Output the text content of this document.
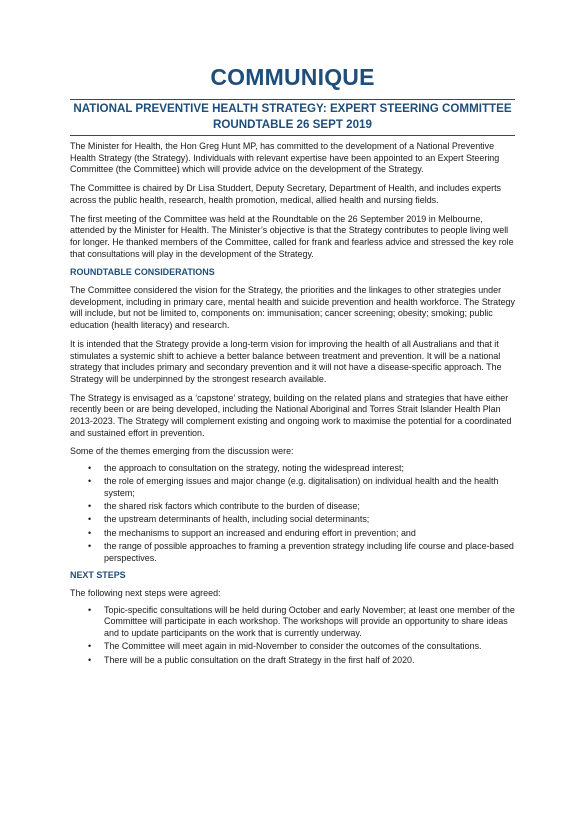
COMMUNIQUE
NATIONAL PREVENTIVE HEALTH STRATEGY: EXPERT STEERING COMMITTEE
ROUNDTABLE 26 SEPT 2019

The Minister for Health, the Hon Greg Hunt MP, has committed to the development of a National Preventive Health Strategy (the Strategy). Individuals with relevant expertise have been appointed to an Expert Steering Committee (the Committee) which will provide advice on the development of the Strategy.

The Committee is chaired by Dr Lisa Studdert, Deputy Secretary, Department of Health, and includes experts across the public health, research, health promotion, medical, allied health and nursing fields.

The first meeting of the Committee was held at the Roundtable on the 26 September 2019 in Melbourne, attended by the Minister for Health. The Minister’s objective is that the Strategy contributes to people living well for longer. He thanked members of the Committee, called for frank and fearless advice and stressed the key role that consultations will play in the development of the Strategy.

ROUNDTABLE CONSIDERATIONS

The Committee considered the vision for the Strategy, the priorities and the linkages to other strategies under development, including in primary care, mental health and suicide prevention and health workforce. The Strategy will include, but not be limited to, components on: immunisation; cancer screening; obesity; smoking; public education (health literacy) and research.

It is intended that the Strategy provide a long-term vision for improving the health of all Australians and that it stimulates a systemic shift to achieve a better balance between treatment and prevention. It will be a national strategy that includes primary and secondary prevention and it will not have a disease-specific approach. The Strategy will be underpinned by the strongest research available.

The Strategy is envisaged as a ‘capstone’ strategy, building on the related plans and strategies that have either recently been or are being developed, including the National Aboriginal and Torres Strait Islander Health Plan 2013-2023. The Strategy will complement existing and ongoing work to maximise the potential for a coordinated and sustained effort in prevention.

Some of the themes emerging from the discussion were:

• the approach to consultation on the strategy, noting the widespread interest;
• the role of emerging issues and major change (e.g. digitalisation) on individual health and the health system;
• the shared risk factors which contribute to the burden of disease;
• the upstream determinants of health, including social determinants;
• the mechanisms to support an increased and enduring effort in prevention; and
• the range of possible approaches to framing a prevention strategy including life course and place-based perspectives.
NEXT STEPS

The following next steps were agreed:

• Topic-specific consultations will be held during October and early November; at least one member of the Committee will participate in each workshop. The workshops will provide an opportunity to share ideas and to update participants on the work that is currently underway.
• The Committee will meet again in mid-November to consider the outcomes of the consultations.
• There will be a public consultation on the draft Strategy in the first half of 2020.
